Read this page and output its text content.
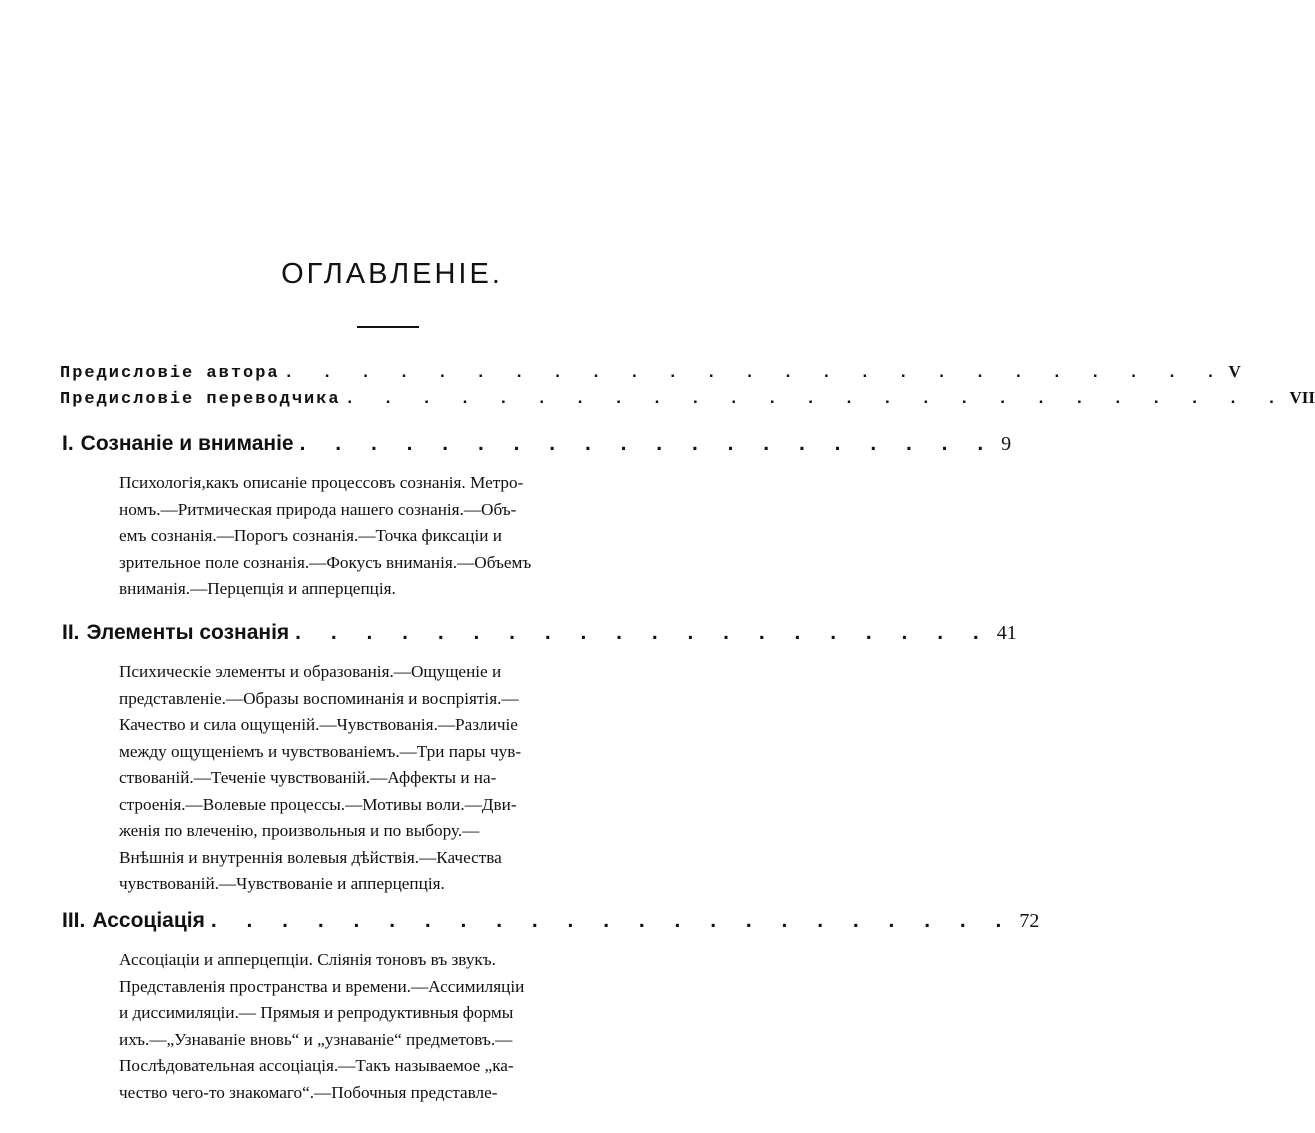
ОГЛАВЛЕНІЕ.
Предисловіе автора . . . . . . . . . . . . . . . . . . . . . . . . . V
Предисловіе переводчика . . . . . . . . . . . . . . . . . . . . . . . . . VII
I. Сознаніе и вниманіе . . . . . . . . . . . . . . . . . . . . 9
Психологія,какъ описаніе процессовъ сознанія. Метро-
номъ.—Ритмическая природа нашего сознанія.—Объ-
емъ сознанія.—Порогъ сознанія.—Точка фиксаціи и
зрительное поле сознанія.—Фокусъ вниманія.—Объемъ
вниманія.—Перцепція и апперцепція.
II. Элементы сознанія . . . . . . . . . . . . . . . . . . . . 41
Психическіе элементы и образованія.—Ощущеніе и
представленіе.—Образы воспоминанія и воспріятія.—
Качество и сила ощущеній.—Чувствованія.—Различіе
между ощущеніемъ и чувствованіемъ.—Три пары чув-
ствованій.—Теченіе чувствованій.—Аффекты и на-
строенія.—Волевые процессы.—Мотивы воли.—Дви-
женія по влеченію, произвольныя и по выбору.—
Внѣшнія и внутреннія волевыя дѣйствія.—Качества
чувствованій.—Чувствованіе и апперцепція.
III. Ассоціація . . . . . . . . . . . . . . . . . . . . . . . 72
Ассоціаціи и апперцепціи. Сліянія тоновъ въ звукъ.
Представленія пространства и времени.—Ассимиляціи
и диссимиляціи.— Прямыя и репродуктивныя формы
ихъ.—„Узнаваніе вновь“ и „узнаваніе“ предметовъ.—
Послѣдовательная ассоціація.—Такъ называемое „ка-
чество чего-то знакомаго“.—Побочныя представле-
